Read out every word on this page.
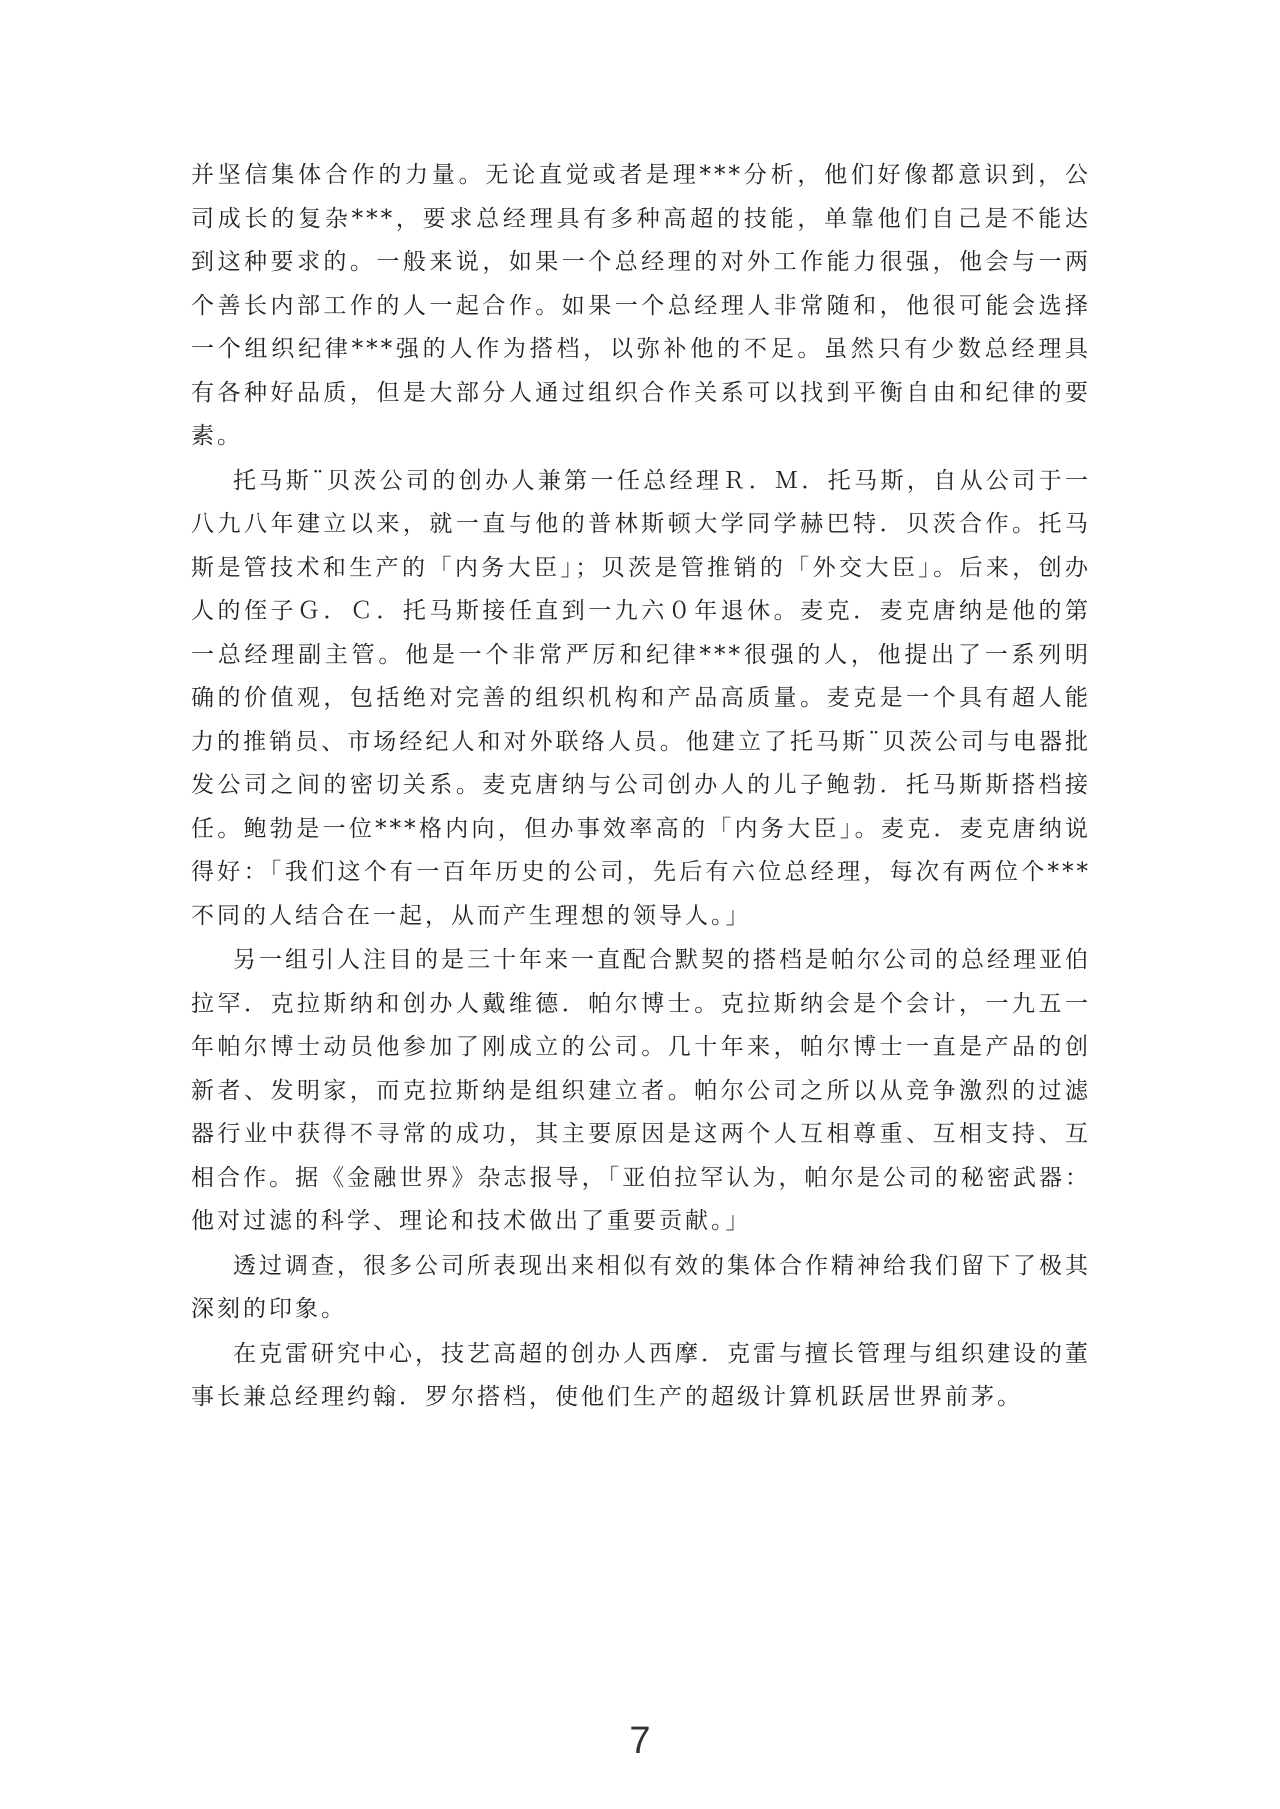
并坚信集体合作的力量。无论直觉或者是理***分析，他们好像都意识到，公司成长的复杂***，要求总经理具有多种高超的技能，单靠他们自己是不能达到这种要求的。一般来说，如果一个总经理的对外工作能力很强，他会与一两个善长内部工作的人一起合作。如果一个总经理人非常随和，他很可能会选择一个组织纪律***强的人作为搭档，以弥补他的不足。虽然只有少数总经理具有各种好品质，但是大部分人通过组织合作关系可以找到平衡自由和纪律的要素。

托马斯¨贝茨公司的创办人兼第一任总经理Ｒ．Ｍ．托马斯，自从公司于一八九八年建立以来，就一直与他的普林斯顿大学同学赫巴特．贝茨合作。托马斯是管技术和生产的「内务大臣」；贝茨是管推销的「外交大臣」。后来，创办人的侄子Ｇ．Ｃ．托马斯接任直到一九六０年退休。麦克．麦克唐纳是他的第一总经理副主管。他是一个非常严厉和纪律***很强的人，他提出了一系列明确的价值观，包括绝对完善的组织机构和产品高质量。麦克是一个具有超人能力的推销员、市场经纪人和对外联络人员。他建立了托马斯¨贝茨公司与电器批发公司之间的密切关系。麦克唐纳与公司创办人的儿子鲍勃．托马斯斯搭档接任。鲍勃是一位***格内向，但办事效率高的「内务大臣」。麦克．麦克唐纳说得好：「我们这个有一百年历史的公司，先后有六位总经理，每次有两位个***不同的人结合在一起，从而产生理想的领导人。」

另一组引人注目的是三十年来一直配合默契的搭档是帕尔公司的总经理亚伯拉罕．克拉斯纳和创办人戴维德．帕尔博士。克拉斯纳会是个会计，一九五一年帕尔博士动员他参加了刚成立的公司。几十年来，帕尔博士一直是产品的创新者、发明家，而克拉斯纳是组织建立者。帕尔公司之所以从竞争激烈的过滤器行业中获得不寻常的成功，其主要原因是这两个人互相尊重、互相支持、互相合作。据《金融世界》杂志报导，「亚伯拉罕认为，帕尔是公司的秘密武器：他对过滤的科学、理论和技术做出了重要贡献。」

透过调查，很多公司所表现出来相似有效的集体合作精神给我们留下了极其深刻的印象。

在克雷研究中心，技艺高超的创办人西摩．克雷与擅长管理与组织建设的董事长兼总经理约翰．罗尔搭档，使他们生产的超级计算机跃居世界前茅。

7
